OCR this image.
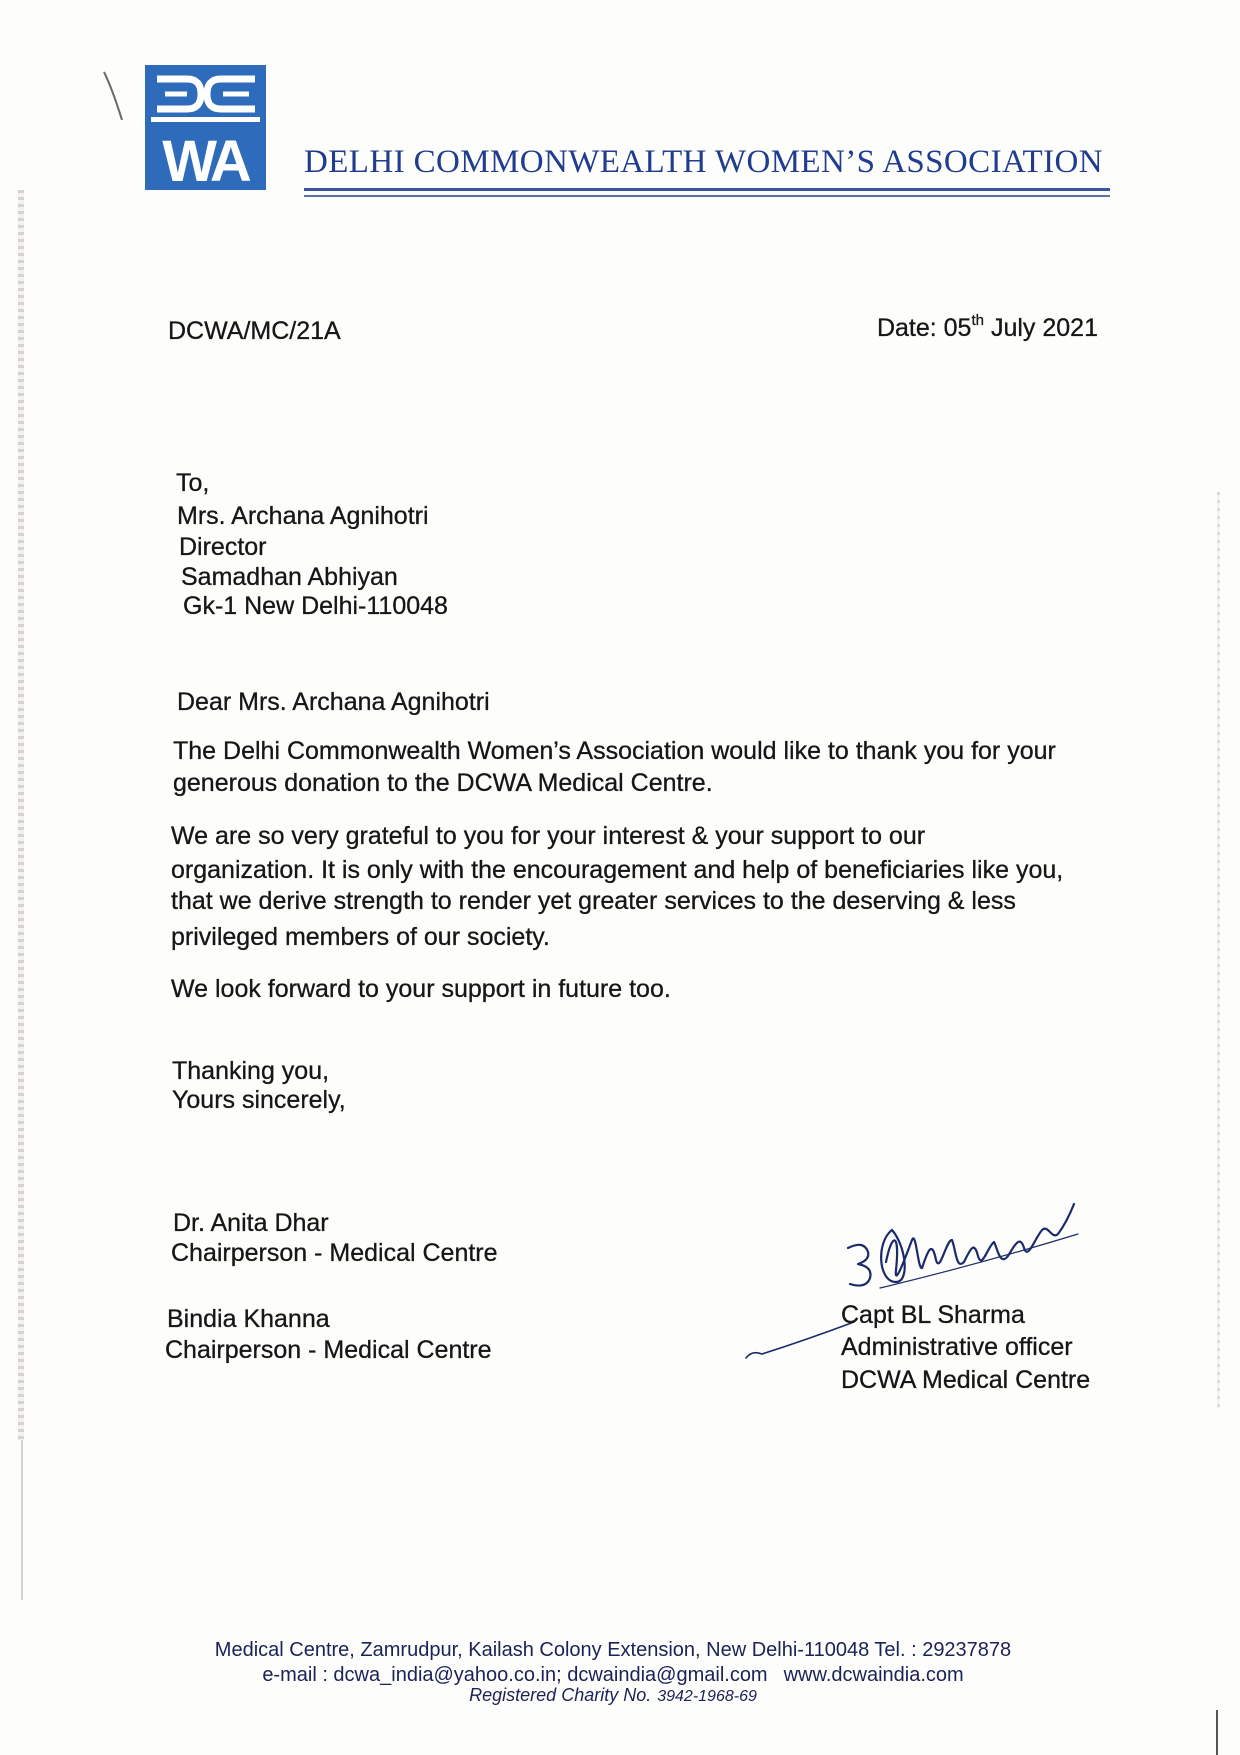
WA DELHI COMMONWEALTH WOMEN’S ASSOCIATION
DCWA/MC/21A	Date: 05th July 2021
To,
Mrs. Archana Agnihotri
Director
Samadhan Abhiyan
Gk-1 New Delhi-110048
Dear Mrs. Archana Agnihotri
The Delhi Commonwealth Women’s Association would like to thank you for your
generous donation to the DCWA Medical Centre.
We are so very grateful to you for your interest & your support to our
organization. It is only with the encouragement and help of beneficiaries like you,
that we derive strength to render yet greater services to the deserving & less
privileged members of our society.
We look forward to your support in future too.
Thanking you,
Yours sincerely,
Dr. Anita Dhar
Chairperson - Medical Centre
Bindia Khanna
Chairperson - Medical Centre
Capt BL Sharma
Administrative officer
DCWA Medical Centre
Medical Centre, Zamrudpur, Kailash Colony Extension, New Delhi-110048 Tel. : 29237878
e-mail : dcwa_india@yahoo.co.in; dcwaindia@gmail.com www.dcwaindia.com
Registered Charity No. 3942-1968-69
